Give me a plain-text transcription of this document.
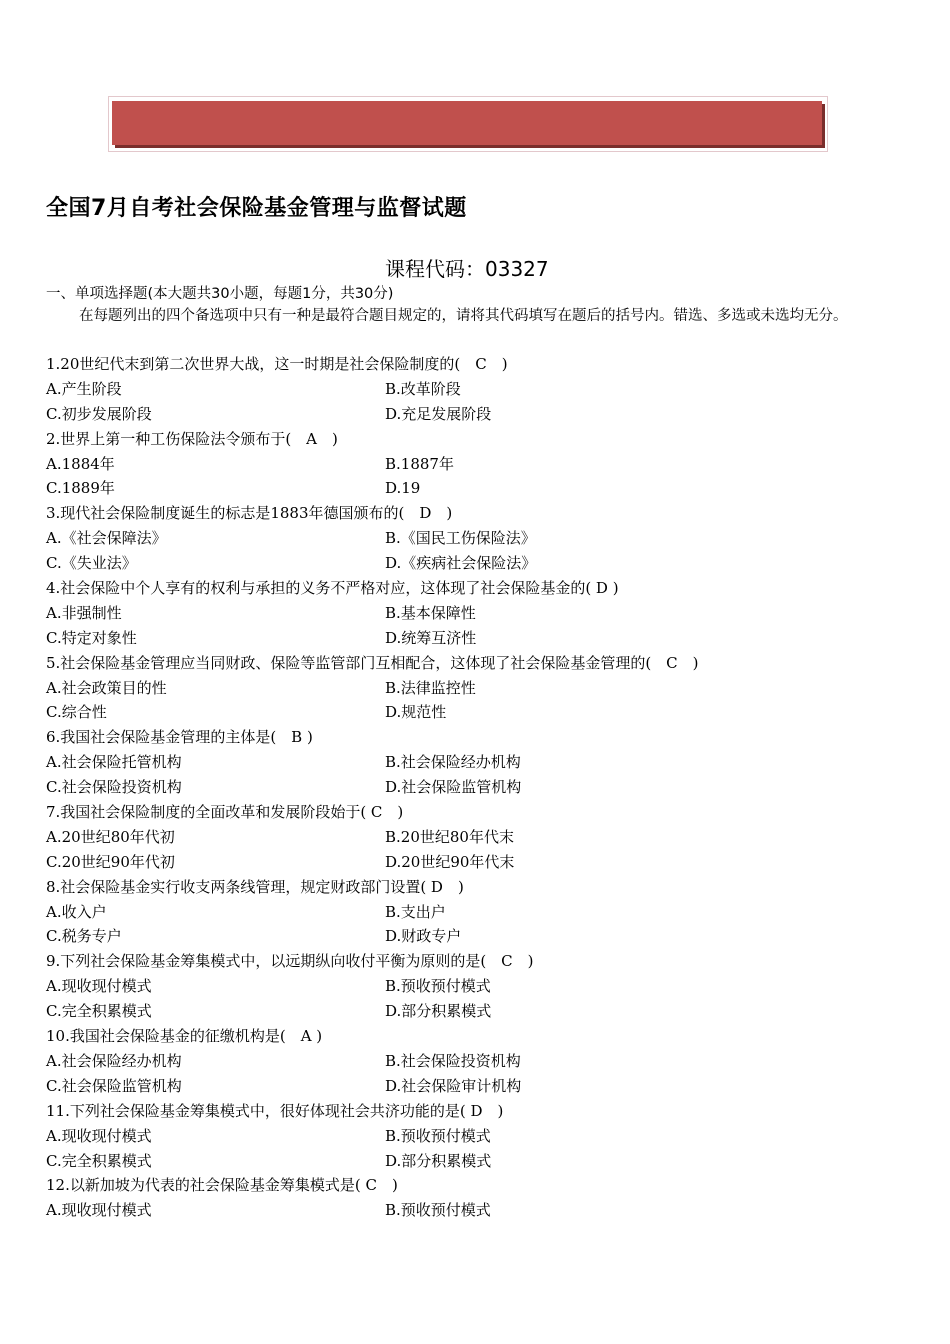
全国7月自考社会保险基金管理与监督试题
课程代码：03327
一、单项选择题(本大题共30小题，每题1分，共30分)
在每题列出的四个备选项中只有一种是最符合题目规定的，请将其代码填写在题后的括号内。错选、多选或未选均无分。
1.20世纪代末到第二次世界大战，这一时期是社会保险制度的(　C　)
A.产生阶段	B.改革阶段
C.初步发展阶段	D.充足发展阶段
2.世界上第一种工伤保险法令颁布于(　A　)
A.1884年	B.1887年
C.1889年	D.19
3.现代社会保险制度诞生的标志是1883年德国颁布的(　D　)
A.《社会保障法》	B.《国民工伤保险法》
C.《失业法》	D.《疾病社会保险法》
4.社会保险中个人享有的权利与承担的义务不严格对应，这体现了社会保险基金的( D )
A.非强制性	B.基本保障性
C.特定对象性	D.统筹互济性
5.社会保险基金管理应当同财政、保险等监管部门互相配合，这体现了社会保险基金管理的(　C　)
A.社会政策目的性	B.法律监控性
C.综合性	D.规范性
6.我国社会保险基金管理的主体是(　B )
A.社会保险托管机构	B.社会保险经办机构
C.社会保险投资机构	D.社会保险监管机构
7.我国社会保险制度的全面改革和发展阶段始于( C　)
A.20世纪80年代初	B.20世纪80年代末
C.20世纪90年代初	D.20世纪90年代末
8.社会保险基金实行收支两条线管理，规定财政部门设置( D　)
A.收入户	B.支出户
C.税务专户	D.财政专户
9.下列社会保险基金筹集模式中，以远期纵向收付平衡为原则的是(　C　)
A.现收现付模式	B.预收预付模式
C.完全积累模式	D.部分积累模式
10.我国社会保险基金的征缴机构是(　A )
A.社会保险经办机构	B.社会保险投资机构
C.社会保险监管机构	D.社会保险审计机构
11.下列社会保险基金筹集模式中，很好体现社会共济功能的是( D　)
A.现收现付模式	B.预收预付模式
C.完全积累模式	D.部分积累模式
12.以新加坡为代表的社会保险基金筹集模式是( C　)
A.现收现付模式	B.预收预付模式
